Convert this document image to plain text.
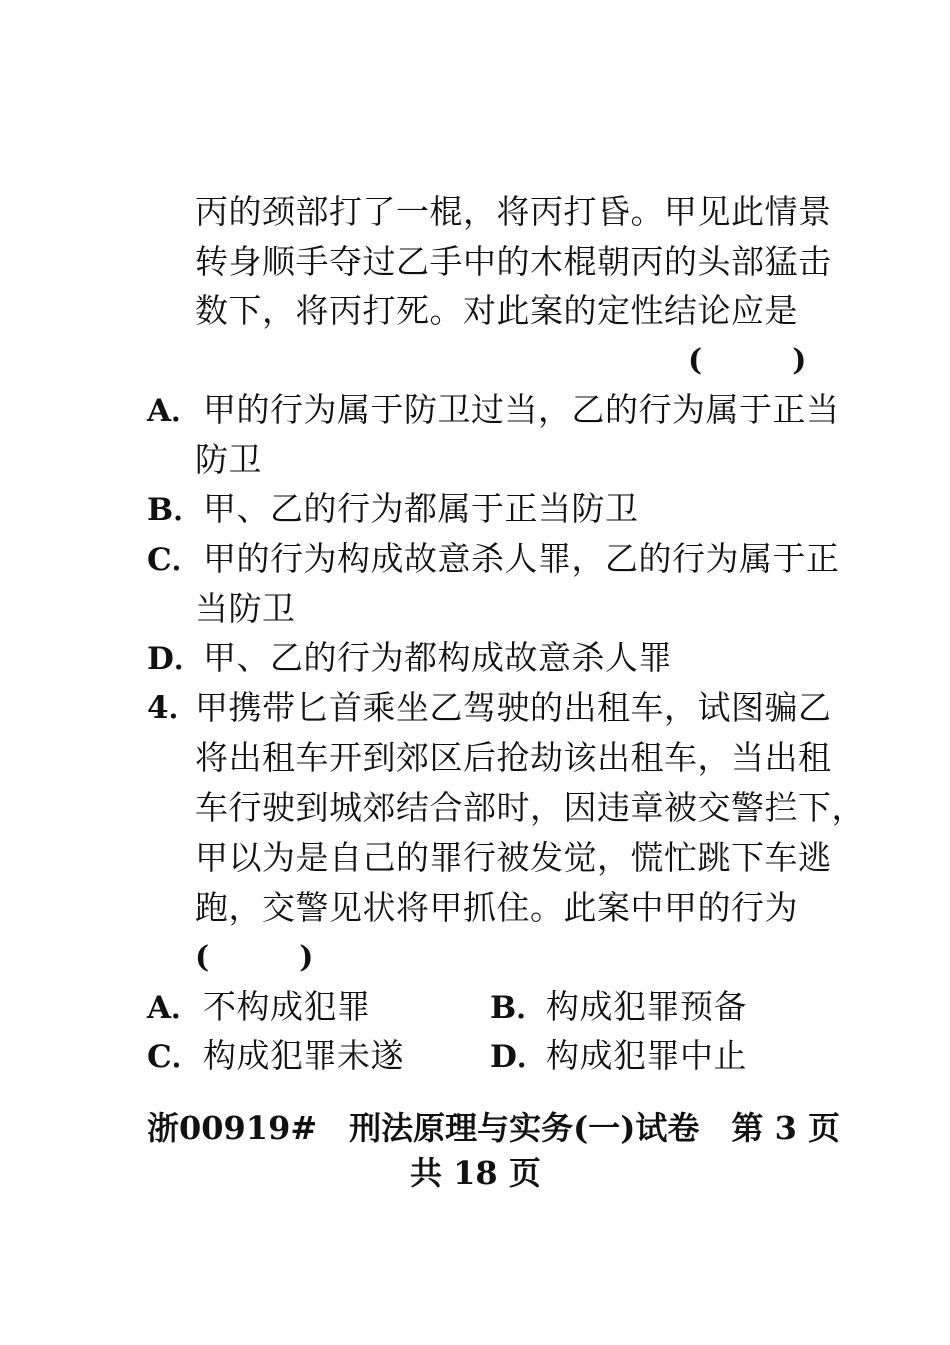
丙的颈部打了一棍，将丙打昏。甲见此情景
转身顺手夺过乙手中的木棍朝丙的头部猛击
数下，将丙打死。对此案的定性结论应是
(　　　)
A． 甲的行为属于防卫过当，乙的行为属于正当
防卫
B．
甲、乙的行为都属于正当防卫
C． 甲的行为构成故意杀人罪，乙的行为属于正
当防卫
D．
甲、乙的行为都构成故意杀人罪
4．
甲携带匕首乘坐乙驾驶的出租车，试图骗乙
将出租车开到郊区后抢劫该出租车，当出租
车行驶到城郊结合部时，因违章被交警拦下，
甲以为是自己的罪行被发觉，慌忙跳下车逃
跑，交警见状将甲抓住。此案中甲的行为
(　　　)
A． 不构成犯罪	B．
构成犯罪预备
C． 构成犯罪未遂	D．
构成犯罪中止
浙00919#　刑法原理与实务(一)试卷　第 3 页
共 18 页
